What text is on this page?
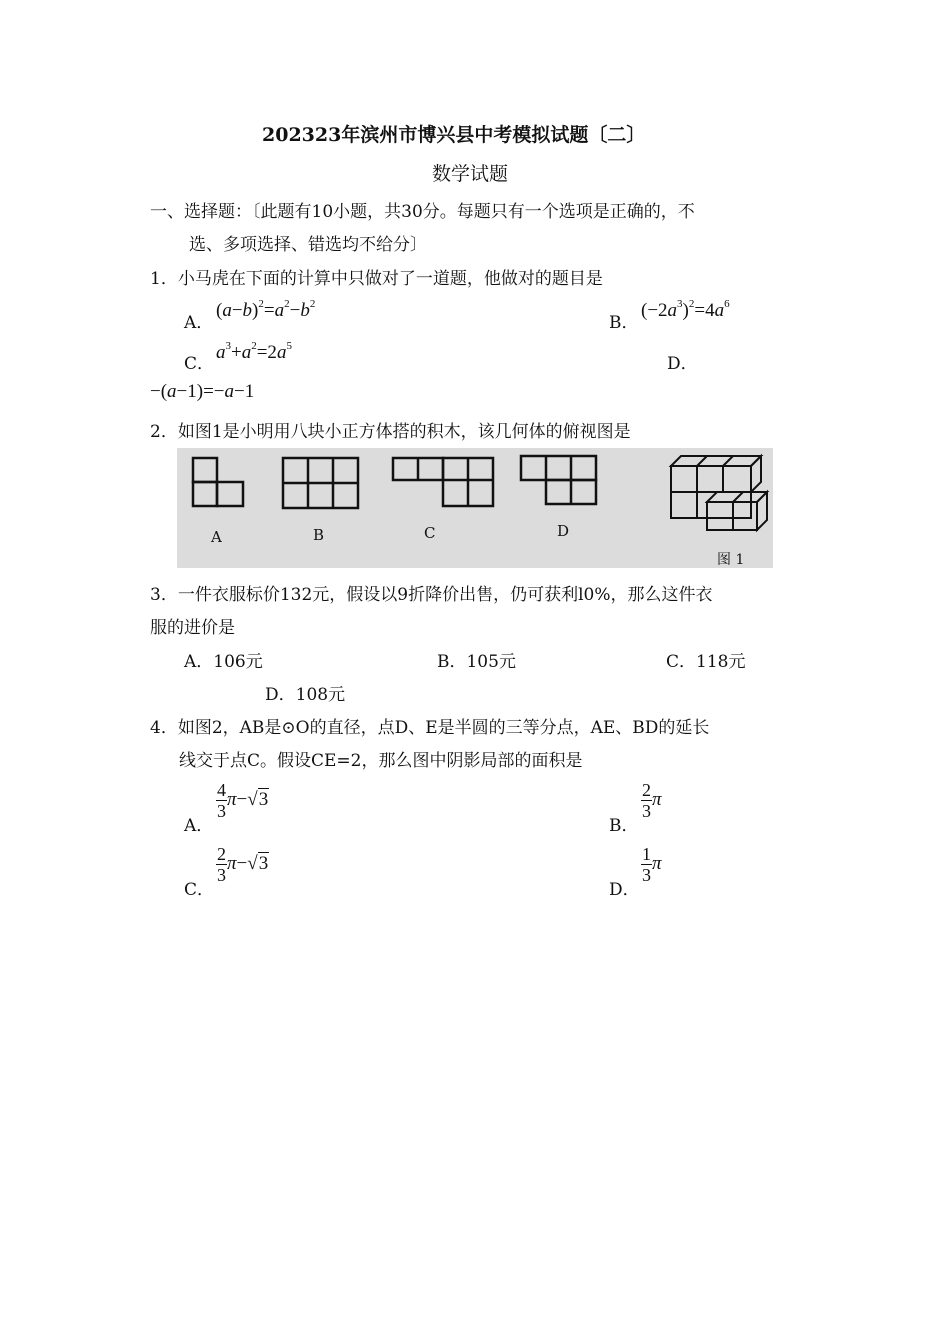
202323年滨州市博兴县中考模拟试题〔二〕
数学试题
一、选择题：〔此题有10小题，共30分。每题只有一个选项是正确的，不
选、多项选择、错选均不给分〕
1．小马虎在下面的计算中只做对了一道题，他做对的题目是
A．
$(a-b)^2=a^2-b^2$
B．
$(-2a^3)^2=4a^6$
C．
$a^3+a^2=2a^5$
D．
−(a−1)=−a−1
2．如图1是小明用八块小正方体搭的积木，该几何体的俯视图是
A	B	C	D
图 1
3．一件衣服标价132元，假设以9折降价出售，仍可获利l0%，那么这件衣
服的进价是
A．106元	B．105元	C．118元
D．108元
4．如图2，AB是⊙O的直径，点D、E是半圆的三等分点，AE、BD的延长
线交于点C。假设CE=2，那么图中阴影局部的面积是
A．
$\frac{4}{3} \pi-√3$
B．
$\frac{2}{3}$ π
C．
$\frac{2}{3} \pi-√3$
D．
$\frac{1}{3}$ π
